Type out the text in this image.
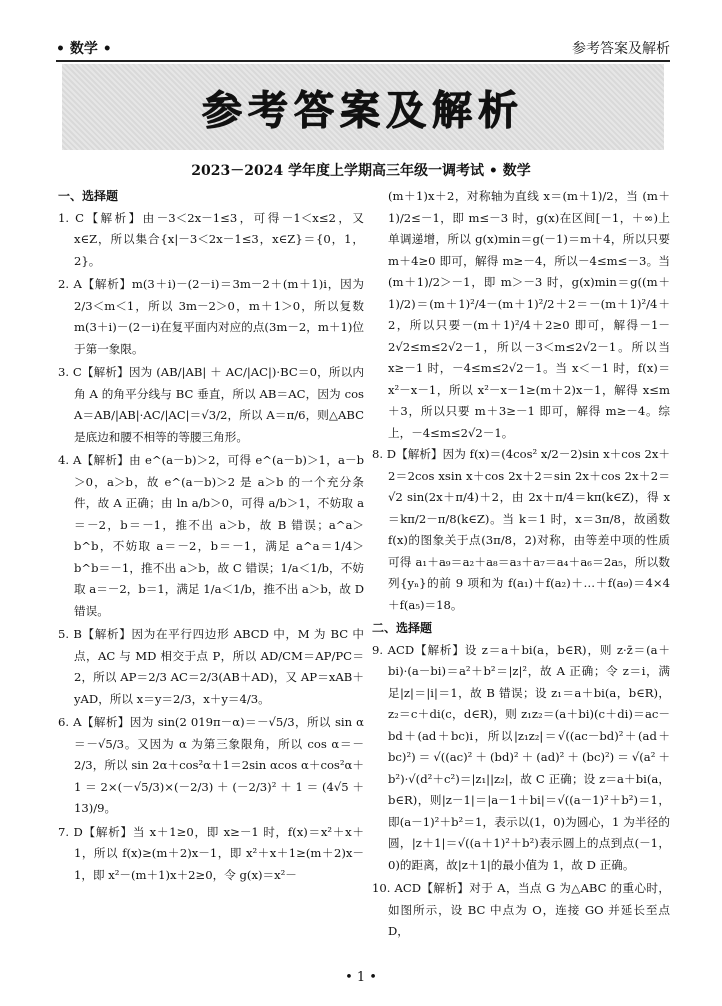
• 数学 •	参考答案及解析
参考答案及解析
2023－2024 学年度上学期高三年级一调考试 • 数学
一、选择题
1. C【解析】由－3＜2x－1≤3，可得－1＜x≤2，又 x∈Z，所以集合{x|－3＜2x－1≤3，x∈Z}＝{0，1，2}。
2. A【解析】m(3＋i)－(2－i)＝3m－2＋(m＋1)i，因为 2/3＜m＜1，所以 3m－2＞0，m＋1＞0，所以复数 m(3＋i)－(2－i)在复平面内对应的点(3m－2，m＋1)位于第一象限。
3. C【解析】因为 (AB/|AB| ＋ AC/|AC|)·BC＝0，所以内角 A 的角平分线与 BC 垂直，所以 AB＝AC，因为 cos A＝AB/|AB|·AC/|AC|＝√3/2，所以 A＝π/6，则△ABC 是底边和腰不相等的等腰三角形。
4. A【解析】由 e^(a－b)＞2，可得 e^(a－b)＞1，a－b＞0，a＞b，故 e^(a－b)＞2 是 a＞b 的一个充分条件，故 A 正确；由 ln a/b＞0，可得 a/b＞1，不妨取 a＝－2，b＝－1，推不出 a＞b，故 B 错误；a^a＞b^b，不妨取 a＝－2，b＝－1，满足 a^a＝1/4＞b^b＝－1，推不出 a＞b，故 C 错误；1/a＜1/b，不妨取 a＝－2，b＝1，满足 1/a＜1/b，推不出 a＞b，故 D 错误。
5. B【解析】因为在平行四边形 ABCD 中，M 为 BC 中点，AC 与 MD 相交于点 P，所以 AD/CM＝AP/PC＝2，所以 AP＝2/3 AC＝2/3(AB＋AD)，又 AP＝xAB＋yAD，所以 x＝y＝2/3，x＋y＝4/3。
6. A【解析】因为 sin(2 019π－α)＝－√5/3，所以 sin α＝－√5/3。又因为 α 为第三象限角，所以 cos α＝－2/3，所以 sin 2α＋cos²α＋1＝2sin αcos α＋cos²α＋1＝2×(－√5/3)×(－2/3)＋(－2/3)²＋1＝(4√5＋13)/9。
7. D【解析】当 x＋1≥0，即 x≥－1 时，f(x)＝x²＋x＋1，所以 f(x)≥(m＋2)x－1，即 x²＋x＋1≥(m＋2)x－1，即 x²－(m＋1)x＋2≥0，令 g(x)＝x²－
(m＋1)x＋2，对称轴为直线 x＝(m＋1)/2，当 (m＋1)/2≤－1，即 m≤－3 时，g(x)在区间[－1，＋∞)上单调递增，所以 g(x)min＝g(－1)＝m＋4，所以只要 m＋4≥0 即可，解得 m≥－4，所以－4≤m≤－3。当 (m＋1)/2＞－1，即 m＞－3 时，g(x)min＝g((m＋1)/2)＝(m＋1)²/4－(m＋1)²/2＋2＝－(m＋1)²/4＋2，所以只要－(m＋1)²/4＋2≥0 即可，解得－1－2√2≤m≤2√2－1，所以－3＜m≤2√2－1。所以当 x≥－1 时，－4≤m≤2√2－1。当 x＜－1 时，f(x)＝x²－x－1，所以 x²－x－1≥(m＋2)x－1，解得 x≤m＋3，所以只要 m＋3≥－1 即可，解得 m≥－4。综上，－4≤m≤2√2－1。
8. D【解析】因为 f(x)＝(4cos² x/2－2)sin x＋cos 2x＋2＝2cos xsin x＋cos 2x＋2＝sin 2x＋cos 2x＋2＝√2 sin(2x＋π/4)＋2，由 2x＋π/4＝kπ(k∈Z)，得 x＝kπ/2－π/8(k∈Z)。当 k＝1 时，x＝3π/8，故函数 f(x)的图象关于点(3π/8，2)对称，由等差中项的性质可得 a₁＋a₉＝a₂＋a₈＝a₃＋a₇＝a₄＋a₆＝2a₅，所以数列{yₙ}的前 9 项和为 f(a₁)＋f(a₂)＋…＋f(a₉)＝4×4＋f(a₅)＝18。
二、选择题
9. ACD【解析】设 z＝a＋bi(a，b∈R)，则 z·z̄＝(a＋bi)·(a－bi)＝a²＋b²＝|z|²，故 A 正确；令 z＝i，满足|z|＝|i|＝1，故 B 错误；设 z₁＝a＋bi(a，b∈R)，z₂＝c＋di(c，d∈R)，则 z₁z₂＝(a＋bi)(c＋di)＝ac－bd＋(ad＋bc)i，所以|z₁z₂|＝√((ac－bd)²＋(ad＋bc)²)＝√((ac)²＋(bd)²＋(ad)²＋(bc)²)＝√(a²＋b²)·√(d²＋c²)＝|z₁||z₂|，故 C 正确；设 z＝a＋bi(a，b∈R)，则|z－1|＝|a－1＋bi|＝√((a－1)²＋b²)＝1，即(a－1)²＋b²＝1，表示以(1，0)为圆心，1 为半径的圆，|z＋1|＝√((a＋1)²＋b²)表示圆上的点到点(－1，0)的距离，故|z＋1|的最小值为 1，故 D 正确。
10. ACD【解析】对于 A，当点 G 为△ABC 的重心时，如图所示，设 BC 中点为 O，连接 GO 并延长至点 D，
• 1 •
